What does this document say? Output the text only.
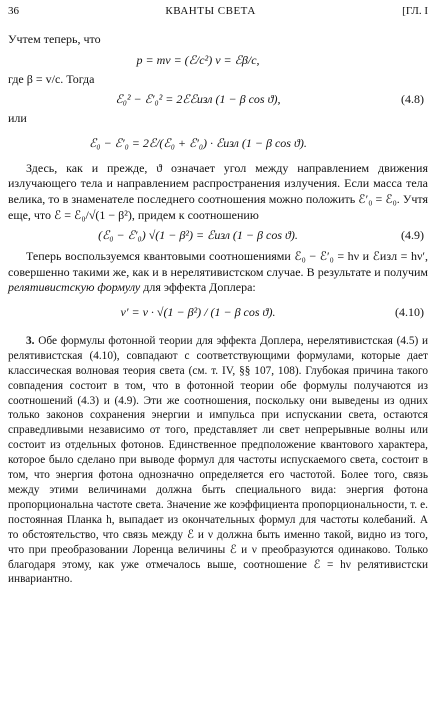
36	КВАНТЫ СВЕТА	[ГЛ. I

Учтем теперь, что

p = mv = (ℰ/c²) v = ℰβ/c,

где β = v/c. Тогда

ℰ₀² − ℰ′₀² = 2ℰℰизл (1 − β cos ϑ),	(4.8)

или

ℰ₀ − ℰ′₀ = 2ℰ/(ℰ₀ + ℰ′₀) · ℰизл (1 − β cos ϑ).

Здесь, как и прежде, ϑ означает угол между направлением движения излучающего тела и направлением распространения излучения. Если масса тела велика, то в знаменателе последнего соотношения можно положить ℰ′₀ = ℰ₀. Учтя еще, что ℰ = ℰ₀/√(1 − β²), придем к соотношению

(ℰ₀ − ℰ′₀) √(1 − β²) = ℰизл (1 − β cos ϑ).	(4.9)

Теперь воспользуемся квантовыми соотношениями ℰ₀ − ℰ′₀ = hν и ℰизл = hν′, совершенно такими же, как и в нерелятивистском случае. В результате и получим релятивистскую формулу для эффекта Доплера:

ν′ = ν · √(1 − β²) / (1 − β cos ϑ).	(4.10)

3. Обе формулы фотонной теории для эффекта Доплера, нерелятивистская (4.5) и релятивистская (4.10), совпадают с соответствующими формулами, которые дает классическая волновая теория света (см. т. IV, §§ 107, 108). Глубокая причина такого совпадения состоит в том, что в фотонной теории обе формулы получаются из соотношений (4.3) и (4.9). Эти же соотношения, поскольку они выведены из одних только законов сохранения энергии и импульса при испускании света, остаются справедливыми независимо от того, представляет ли свет непрерывные волны или состоит из отдельных фотонов. Единственное предположение квантового характера, которое было сделано при выводе формул для частоты испускаемого света, состоит в том, что энергия фотона однозначно определяется его частотой. Более того, связь между этими величинами должна быть специального вида: энергия фотона пропорциональна частоте света. Значение же коэффициента пропорциональности, т. е. постоянная Планка h, выпадает из окончательных формул для частоты колебаний. А то обстоятельство, что связь между ℰ и ν должна быть именно такой, видно из того, что при преобразовании Лоренца величины ℰ и ν преобразуются одинаково. Только благодаря этому, как уже отмечалось выше, соотношение ℰ = hν релятивистски инвариантно.
